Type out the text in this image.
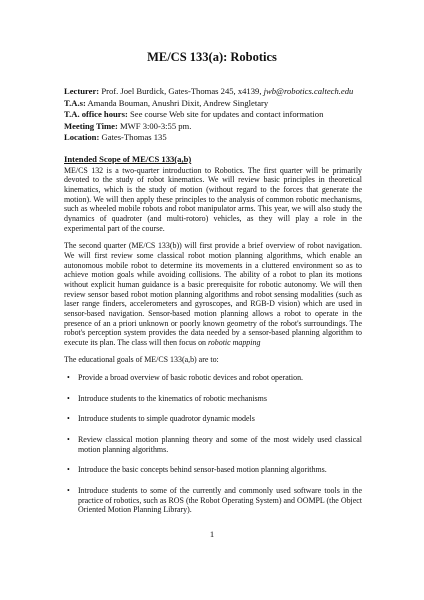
ME/CS 133(a): Robotics
Lecturer: Prof. Joel Burdick, Gates-Thomas 245, x4139, jwb@robotics.caltech.edu
T.A.s: Amanda Bouman, Anushri Dixit, Andrew Singletary
T.A. office hours: See course Web site for updates and contact information
Meeting Time: MWF 3:00-3:55 pm.
Location: Gates-Thomas 135
Intended Scope of ME/CS 133(a,b)

ME/CS 132 is a two-quarter introduction to Robotics. The first quarter will be primarily devoted to the study of robot kinematics. We will review basic principles in theoretical kinematics, which is the study of motion (without regard to the forces that generate the motion). We will then apply these principles to the analysis of common robotic mechanisms, such as wheeled mobile robots and robot manipulator arms. This year, we will also study the dynamics of quadroter (and multi-rotoro) vehicles, as they will play a role in the experimental part of the course.

The second quarter (ME/CS 133(b)) will first provide a brief overview of robot navigation. We will first review some classical robot motion planning algorithms, which enable an autonomous mobile robot to determine its movements in a cluttered environment so as to achieve motion goals while avoiding collisions. The ability of a robot to plan its motions without explicit human guidance is a basic prerequisite for robotic autonomy. We will then review sensor based robot motion planning algorithms and robot sensing modalities (such as laser range finders, accelerometers and gyroscopes, and RGB-D vision) which are used in sensor-based navigation. Sensor-based motion planning allows a robot to operate in the presence of an a priori unknown or poorly known geometry of the robot's surroundings. The robot's perception system provides the data needed by a sensor-based planning algorithm to execute its plan. The class will then focus on robotic mapping

The educational goals of ME/CS 133(a,b) are to:

• Provide a broad overview of basic robotic devices and robot operation.
• Introduce students to the kinematics of robotic mechanisms
• Introduce students to simple quadrotor dynamic models
• Review classical motion planning theory and some of the most widely used classical motion planning algorithms.
• Introduce the basic concepts behind sensor-based motion planning algorithms.
• Introduce students to some of the currently and commonly used software tools in the practice of robotics, such as ROS (the Robot Operating System) and OOMPL (the Object Oriented Motion Planning Library).
1
